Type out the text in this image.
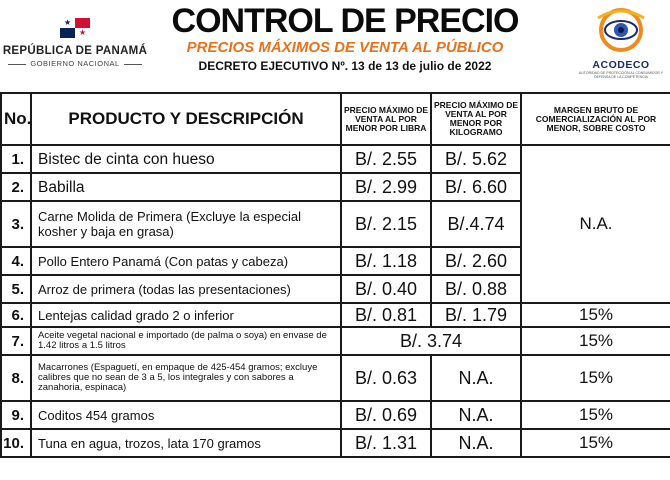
★
★
REPÚBLICA DE PANAMÁ
GOBIERNO NACIONAL
CONTROL DE PRECIO
PRECIOS MÁXIMOS DE VENTA AL PÚBLICO
DECRETO EJECUTIVO Nº. 13 de 13 de julio de 2022	ACODECO
AUTORIDAD DE PROTECCIÓN AL CONSUMIDOR Y DEFENSA DE LA COMPETENCIA
No.	PRODUCTO Y DESCRIPCIÓN	PRECIO MÁXIMO DE VENTA AL POR MENOR POR LIBRA	PRECIO MÁXIMO DE VENTA AL POR MENOR POR KILOGRAMO	MARGEN BRUTO DE COMERCIALIZACIÓN AL POR MENOR, SOBRE COSTO
1.	Bistec de cinta con hueso	B/. 2.55	B/. 5.62	N.A.
2.	Babilla	B/. 2.99	B/. 6.60	
3.	Carne Molida de Primera (Excluye la especial kosher y baja en grasa)	B/. 2.15	B/.4.74	
4.	Pollo Entero Panamá (Con patas y cabeza)	B/. 1.18	B/. 2.60	
5.	Arroz de primera (todas las presentaciones)	B/. 0.40	B/. 0.88	
6.	Lentejas calidad grado 2 o inferior	B/. 0.81	B/. 1.79	15%
7.	Aceite vegetal nacional e importado (de palma o soya) en envase de 1.42 litros a 1.5 litros	B/. 3.74		15%
8.	Macarrones (Espaguetí, en empaque de 425-454 gramos; excluye calibres que no sean de 3 a 5, los integrales y con sabores a zanahoria, espinaca)	B/. 0.63	N.A.	15%
9.	Coditos 454 gramos	B/. 0.69	N.A.	15%
10.	Tuna en agua, trozos, lata 170 gramos	B/. 1.31	N.A.	15%
